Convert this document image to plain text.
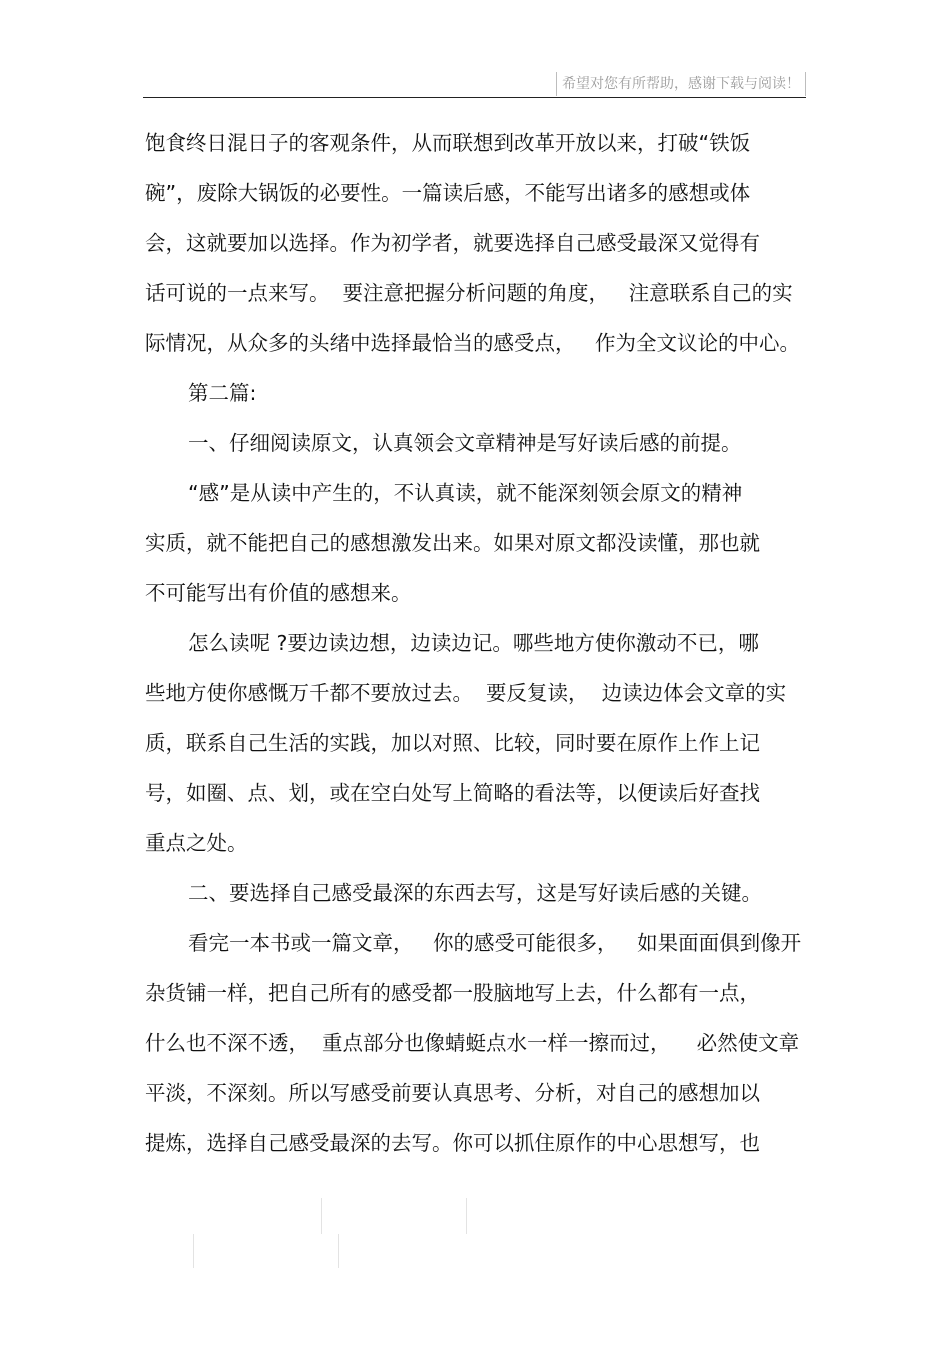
希望对您有所帮助，感谢下载与阅读！
饱食终日混日子的客观条件，从而联想到改革开放以来，打破“铁饭
碗”，废除大锅饭的必要性。一篇读后感，不能写出诸多的感想或体
会，这就要加以选择。作为初学者，就要选择自己感受最深又觉得有
话可说的一点来写。  要注意把握分析问题的角度，   注意联系自己的实
际情况，从众多的头绪中选择最恰当的感受点，   作为全文议论的中心。
第二篇:
一、仔细阅读原文，认真领会文章精神是写好读后感的前提。
“感”是从读中产生的，不认真读，就不能深刻领会原文的精神
实质，就不能把自己的感想激发出来。如果对原文都没读懂，那也就
不可能写出有价值的感想来。
怎么读呢 ?要边读边想，边读边记。哪些地方使你激动不已，哪
些地方使你感慨万千都不要放过去。  要反复读，  边读边体会文章的实
质，联系自己生活的实践，加以对照、比较，同时要在原作上作上记
号，如圈、点、划，或在空白处写上简略的看法等，以便读后好查找
重点之处。
二、要选择自己感受最深的东西去写，这是写好读后感的关键。
看完一本书或一篇文章，   你的感受可能很多，   如果面面俱到像开
杂货铺一样，把自己所有的感受都一股脑地写上去，什么都有一点，
什么也不深不透，  重点部分也像蜻蜓点水一样一擦而过，    必然使文章
平淡，不深刻。所以写感受前要认真思考、分析，对自己的感想加以
提炼，选择自己感受最深的去写。你可以抓住原作的中心思想写，也
